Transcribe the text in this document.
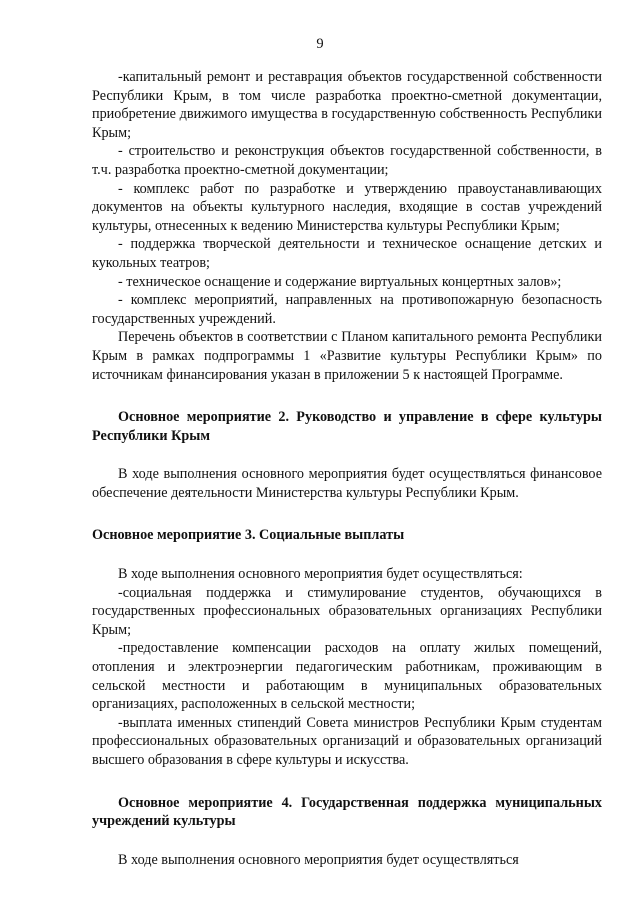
9

-капитальный ремонт и реставрация объектов государственной собственности Республики Крым, в том числе разработка проектно-сметной документации, приобретение движимого имущества в государственную собственность Республики Крым;

- строительство и реконструкция объектов государственной собственности, в т.ч. разработка проектно-сметной документации;

- комплекс работ по разработке и утверждению правоустанавливающих документов на объекты культурного наследия, входящие в состав учреждений культуры, отнесенных к ведению Министерства культуры Республики Крым;

- поддержка творческой деятельности и техническое оснащение детских и кукольных театров;

- техническое оснащение и содержание виртуальных концертных залов»;

- комплекс мероприятий, направленных на противопожарную безопасность государственных учреждений.

Перечень объектов в соответствии с Планом капитального ремонта Республики Крым в рамках подпрограммы 1 «Развитие культуры Республики Крым» по источникам финансирования указан в приложении 5 к настоящей Программе.

Основное мероприятие 2. Руководство и управление в сфере культуры Республики Крым

В ходе выполнения основного мероприятия будет осуществляться финансовое обеспечение деятельности Министерства культуры Республики Крым.

Основное мероприятие 3. Социальные выплаты

В ходе выполнения основного мероприятия будет осуществляться:

-социальная поддержка и стимулирование студентов, обучающихся в государственных профессиональных образовательных организациях Республики Крым;

-предоставление компенсации расходов на оплату жилых помещений, отопления и электроэнергии педагогическим работникам, проживающим в сельской местности и работающим в муниципальных образовательных организациях, расположенных в сельской местности;

-выплата именных стипендий Совета министров Республики Крым студентам профессиональных образовательных организаций и образовательных организаций высшего образования в сфере культуры и искусства.

Основное мероприятие 4. Государственная поддержка муниципальных учреждений культуры

В ходе выполнения основного мероприятия будет осуществляться
